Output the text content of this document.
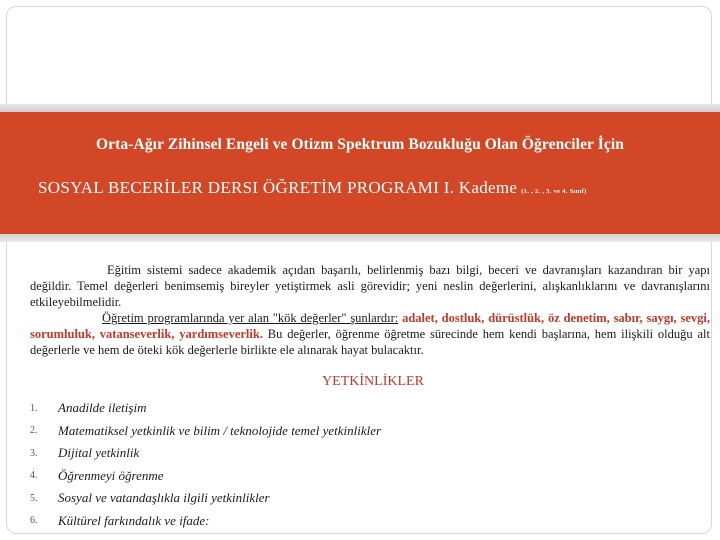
Orta-Ağır Zihinsel Engeli ve Otizm Spektrum Bozukluğu Olan Öğrenciler İçin
SOSYAL BECERİLER DERSI ÖĞRETİM PROGRAMI I. Kademe (1. , 2. , 3. ve 4. Sınıf)

Eğitim sistemi sadece akademik açıdan başarılı, belirlenmiş bazı bilgi, beceri ve davranışları kazandıran bir yapı değildir. Temel değerleri benimsemiş bireyler yetiştirmek asli görevidir; yeni neslin değerlerini, alışkanlıklarını ve davranışlarını etkileyebilmelidir.

Öğretim programlarında yer alan "kök değerler" şunlardır: adalet, dostluk, dürüstlük, öz denetim, sabır, saygı, sevgi, sorumluluk, vatanseverlik, yardımseverlik. Bu değerler, öğrenme öğretme sürecinde hem kendi başlarına, hem ilişkili olduğu alt değerlerle ve hem de öteki kök değerlerle birlikte ele alınarak hayat bulacaktır.

YETKİNLİKLER
1.	Anadilde iletişim
2.	Matematiksel yetkinlik ve bilim / teknolojide temel yetkinlikler
3.	Dijital yetkinlik
4.	Öğrenmeyi öğrenme
5.	Sosyal ve vatandaşlıkla ilgili yetkinlikler
6.	Kültürel farkındalık ve ifade:
